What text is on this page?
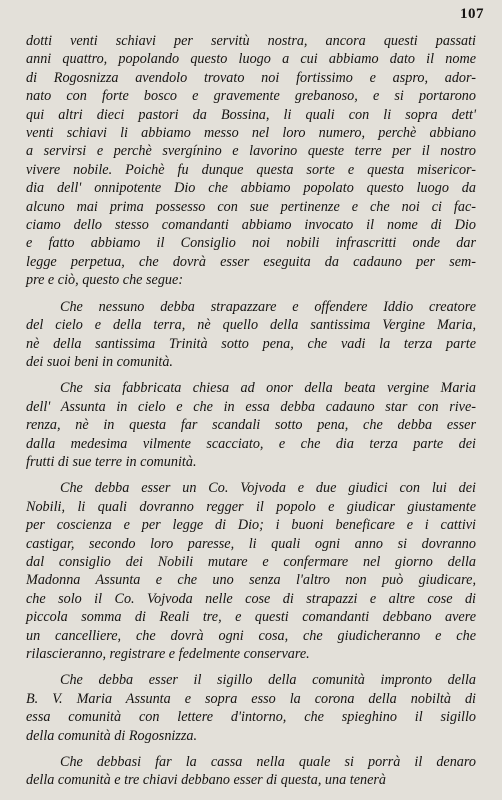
107
dotti venti schiavi per servitù nostra, ancora questi passati
anni quattro, popolando questo luogo a cui abbiamo dato il nome
di Rogosnizza avendolo trovato noi fortissimo e aspro, ador-
nato con forte bosco e gravemente grebanoso, e si portarono
qui altri dieci pastori da Bossina, li quali con li sopra dett'
venti schiavi li abbiamo messo nel loro numero, perchè abbiano
a servirsi e perchè svergínino e lavorino queste terre per il nostro
vivere nobile. Poichè fu dunque questa sorte e questa misericor-
dia dell' onnipotente Dio che abbiamo popolato questo luogo da
alcuno mai prima possesso con sue pertinenze e che noi ci fac-
ciamo dello stesso comandanti abbiamo invocato il nome di Dio
e fatto abbiamo il Consiglio noi nobili infrascritti onde dar
legge perpetua, che dovrà esser eseguita da cadauno per sem-
pre e ciò, questo che segue:
Che nessuno debba strapazzare e offendere Iddio creatore
del cielo e della terra, nè quello della santissima Vergine Maria,
nè della santissima Trinità sotto pena, che vadi la terza parte
dei suoi beni in comunità.
Che sia fabbricata chiesa ad onor della beata vergine Maria
dell' Assunta in cielo e che in essa debba cadauno star con rive-
renza, nè in questa far scandali sotto pena, che debba esser
dalla medesima vilmente scacciato, e che dia terza parte dei
frutti di sue terre in comunità.
Che debba esser un Co. Vojvoda e due giudici con lui dei
Nobili, li quali dovranno regger il popolo e giudicar giustamente
per coscienza e per legge di Dio; i buoni beneficare e i cattivi
castigar, secondo loro paresse, li quali ogni anno si dovranno
dal consiglio dei Nobili mutare e confermare nel giorno della
Madonna Assunta e che uno senza l'altro non può giudicare,
che solo il Co. Vojvoda nelle cose di strapazzi e altre cose di
piccola somma di Reali tre, e questi comandanti debbano avere
un cancelliere, che dovrà ogni cosa, che giudicheranno e che
rilascieranno, registrare e fedelmente conservare.
Che debba esser il sigillo della comunità impronto della
B. V. Maria Assunta e sopra esso la corona della nobiltà di
essa comunità con lettere d'intorno, che spieghino il sigillo
della comunità di Rogosnizza.
Che debbasi far la cassa nella quale si porrà il denaro
della comunità e tre chiavi debbano esser di questa, una tenerà
